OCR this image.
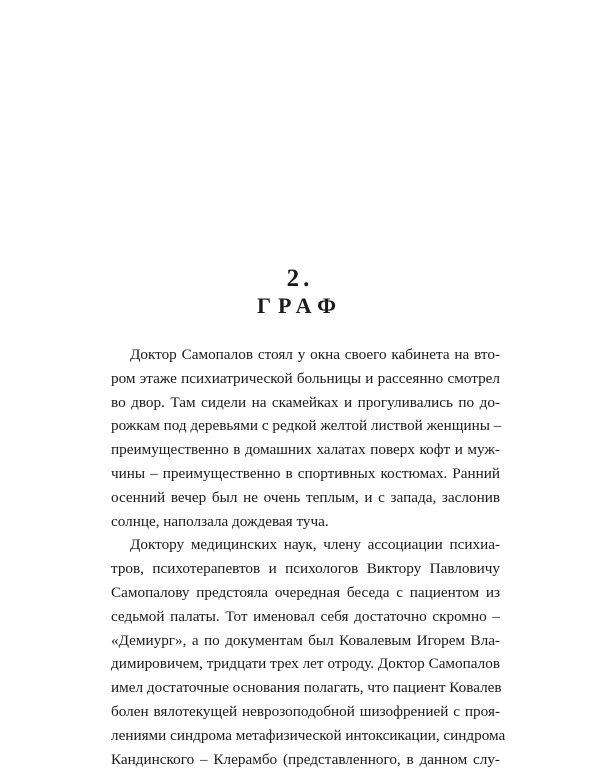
2.
ГРАФ
Доктор Самопалов стоял у окна своего кабинета на вто-
ром этаже психиатрической больницы и рассеянно смотрел
во двор. Там сидели на скамейках и прогуливались по до-
рожкам под деревьями с редкой желтой листвой женщины –
преимущественно в домашних халатах поверх кофт и муж-
чины – преимущественно в спортивных костюмах. Ранний
осенний вечер был не очень теплым, и с запада, заслонив
солнце, наползала дождевая туча.
Доктору медицинских наук, члену ассоциации психиа-
тров, психотерапевтов и психологов Виктору Павловичу
Самопалову предстояла очередная беседа с пациентом из
седьмой палаты. Тот именовал себя достаточно скромно –
«Демиург», а по документам был Ковалевым Игорем Вла-
димировичем, тридцати трех лет отроду. Доктор Самопалов
имел достаточные основания полагать, что пациент Ковалев
болен вялотекущей неврозоподобной шизофренией с проя-
лениями синдрома метафизической интоксикации, синдрома
Кандинского – Клерамбо (представленного, в данном слу-
